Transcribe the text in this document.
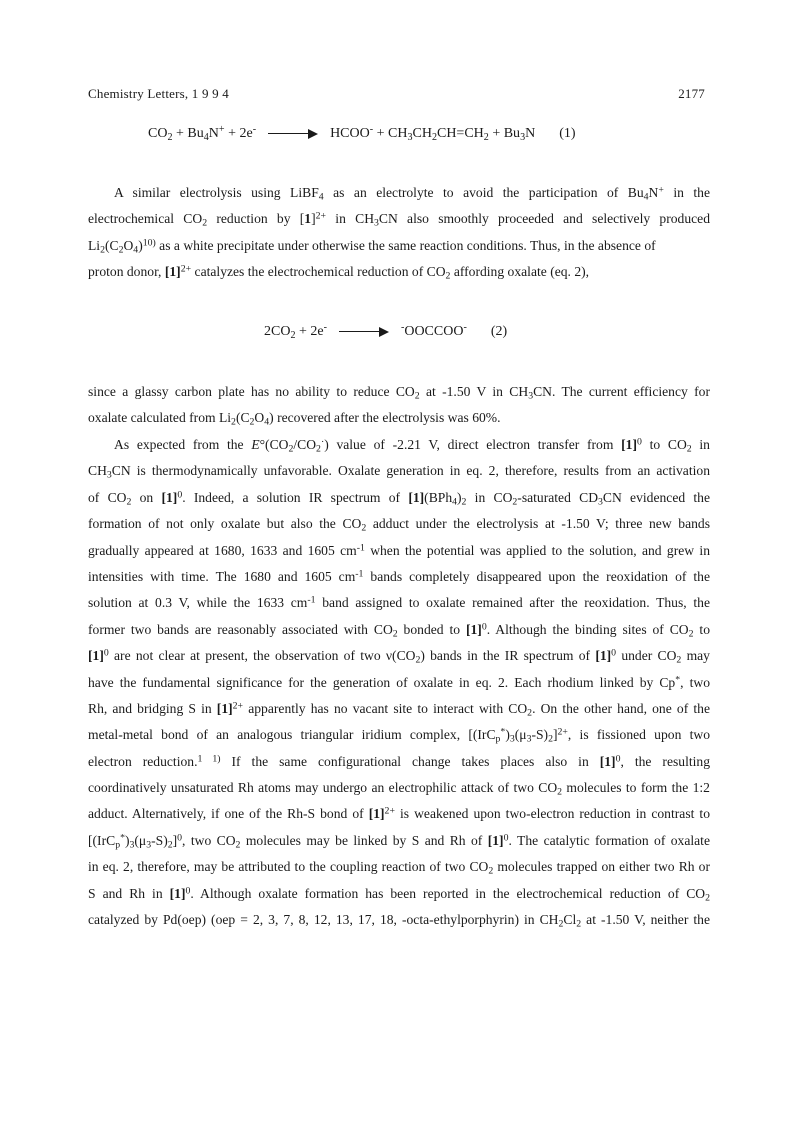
Chemistry Letters, 1 9 9 4	2177
$CO_2 + Bu_4N^+ + 2e^-$	HCOO- + $CH_3CH_2CH=CH_2 + Bu_3N$ (1)
A similar electrolysis using LiBF$_4$ as an electrolyte to avoid the participation of $Bu_4N^+$ in the
electrochemical $CO_2$ reduction by $[1]^{2+}$ in $CH_3CN$ also smoothly proceeded and selectively produced
$Li_2(C_2O_4)^{10)}$ as a white precipitate under otherwise the same reaction conditions. Thus, in the absence of
proton donor, $[1]^{2+}$ catalyzes the electrochemical reduction of $CO_2$ affording oxalate (eq. 2),
$2CO_2 + 2e^-$	-OOCCOO- (2)
since a glassy carbon plate has no ability to reduce $CO_2$ at -1.50 V in $CH_3CN$. The current efficiency for
oxalate calculated from $Li_2(C_2O_4)$ recovered after the electrolysis was 60%.
As expected from the $E^\circ(CO_2/CO_2^\cdot)$ value of -2.21 V, direct electron transfer from $[1]^0$ to $CO_2$ in
$CH_3CN$ is thermodynamically unfavorable. Oxalate generation in eq. 2, therefore, results from an activation
of $CO_2$ on $[1]^0$. Indeed, a solution IR spectrum of $[1](BPh_4)_2$ in $CO_2$-saturated $CD_3CN$ evidenced the
formation of not only oxalate but also the $CO_2$ adduct under the electrolysis at -1.50 V; three new bands
gradually appeared at 1680, 1633 and 1605 $cm^{-1}$ when the potential was applied to the solution, and grew in
intensities with time. The 1680 and 1605 $cm^{-1}$ bands completely disappeared upon the reoxidation of the
solution at 0.3 V, while the 1633 $cm^{-1}$ band assigned to oxalate remained after the reoxidation. Thus, the
former two bands are reasonably associated with $CO_2$ bonded to $[1]^0$. Although the binding sites of $CO_2$ to
$[1]^0$ are not clear at present, the observation of two $\nu(CO_2)$ bands in the IR spectrum of $[1]^0$ under $CO_2$ may
have the fundamental significance for the generation of oxalate in eq. 2. Each rhodium linked by Cp*, two
Rh, and bridging S in $[1]^{2+}$ apparently has no vacant site to interact with $CO_2$. On the other hand, one of the
metal-metal bond of an analogous triangular iridium complex, $[(IrC_p^*)_3(\mu_3-S)_2]^{2+}$, is fissioned upon two
electron reduction.$^{1 1)}$ If the same configurational change takes places also in $[1]^0$, the resulting
coordinatively unsaturated Rh atoms may undergo an electrophilic attack of two $CO_2$ molecules to form the 1:2
adduct. Alternatively, if one of the Rh-S bond of $[1]^{2+}$ is weakened upon two-electron reduction in contrast to
$[(IrC_p^*)_3(\mu_3-S)_2]^0$, two $CO_2$ molecules may be linked by S and Rh of $[1]^0$. The catalytic formation of oxalate
in eq. 2, therefore, may be attributed to the coupling reaction of two $CO_2$ molecules trapped on either two Rh or
S and Rh in $[1]^0$. Although oxalate formation has been reported in the electrochemical reduction of $CO_2$
catalyzed by Pd(oep) (oep = 2, 3, 7, 8, 12, 13, 17, 18, -octa-ethylporphyrin) in $CH_2Cl_2$ at -1.50 V, neither the
